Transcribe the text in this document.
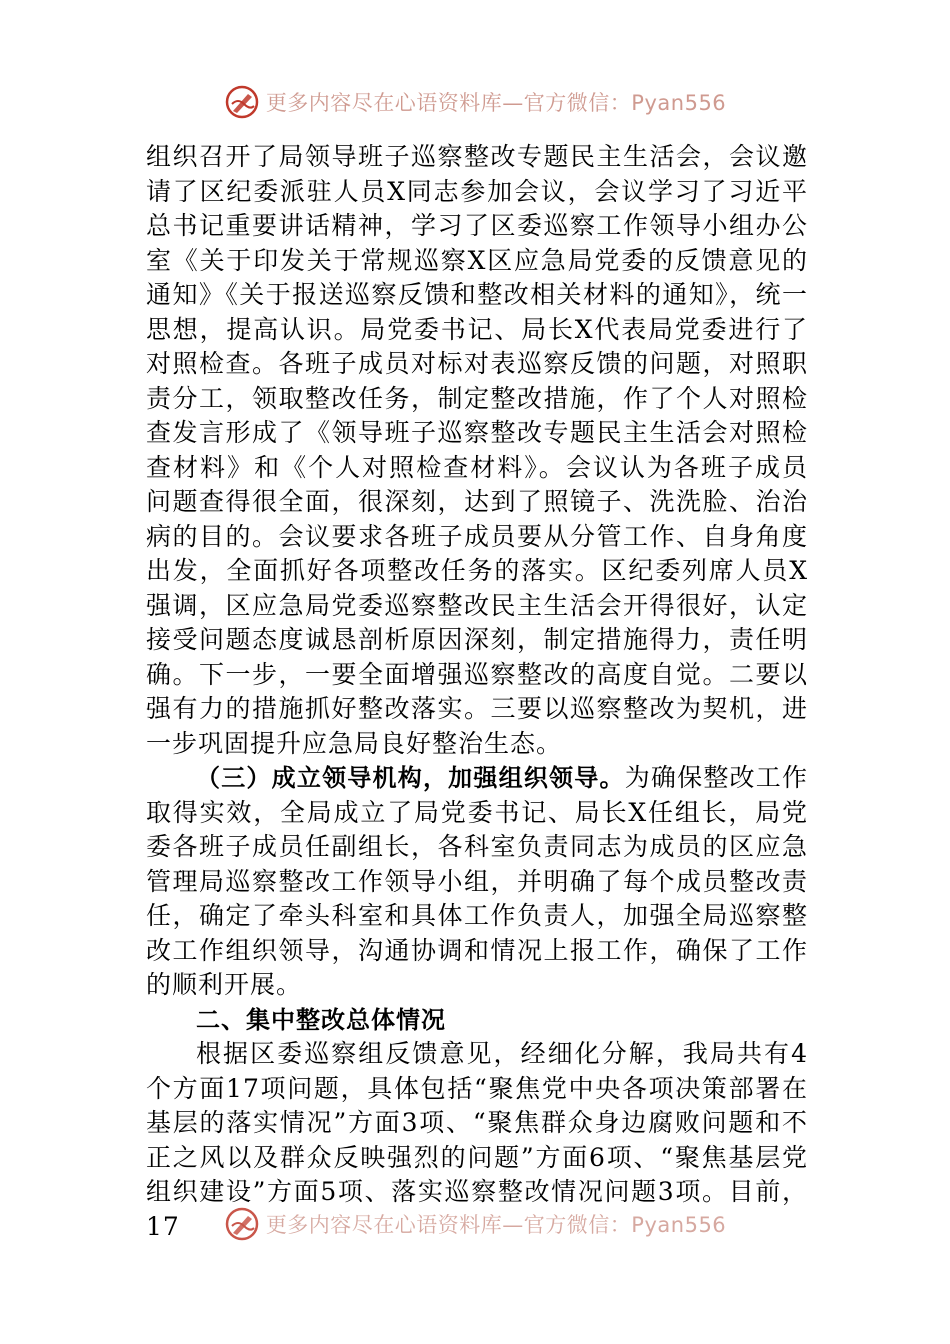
更多内容尽在心语资料库—官方微信：Pyan556

组织召开了局领导班子巡察整改专题民主生活会，会议邀请了区纪委派驻人员X同志参加会议，会议学习了习近平总书记重要讲话精神，学习了区委巡察工作领导小组办公室《关于印发关于常规巡察X区应急局党委的反馈意见的通知》《关于报送巡察反馈和整改相关材料的通知》，统一思想，提高认识。局党委书记、局长X代表局党委进行了对照检查。各班子成员对标对表巡察反馈的问题，对照职责分工，领取整改任务，制定整改措施，作了个人对照检查发言形成了《领导班子巡察整改专题民主生活会对照检查材料》和《个人对照检查材料》。会议认为各班子成员问题查得很全面，很深刻，达到了照镜子、洗洗脸、治治病的目的。会议要求各班子成员要从分管工作、自身角度出发，全面抓好各项整改任务的落实。区纪委列席人员X强调，区应急局党委巡察整改民主生活会开得很好，认定接受问题态度诚恳剖析原因深刻，制定措施得力，责任明确。下一步，一要全面增强巡察整改的高度自觉。二要以强有力的措施抓好整改落实。三要以巡察整改为契机，进一步巩固提升应急局良好整治生态。

（三）成立领导机构，加强组织领导。为确保整改工作取得实效，全局成立了局党委书记、局长X任组长，局党委各班子成员任副组长，各科室负责同志为成员的区应急管理局巡察整改工作领导小组，并明确了每个成员整改责任，确定了牵头科室和具体工作负责人，加强全局巡察整改工作组织领导，沟通协调和情况上报工作，确保了工作的顺利开展。

二、集中整改总体情况

根据区委巡察组反馈意见，经细化分解，我局共有4个方面17项问题，具体包括“聚焦党中央各项决策部署在基层的落实情况”方面3项、“聚焦群众身边腐败问题和不正之风以及群众反映强烈的问题”方面6项、“聚焦基层党组织建设”方面5项、落实巡察整改情况问题3项。目前，17	更多内容尽在心语资料库—官方微信：Pyan556
